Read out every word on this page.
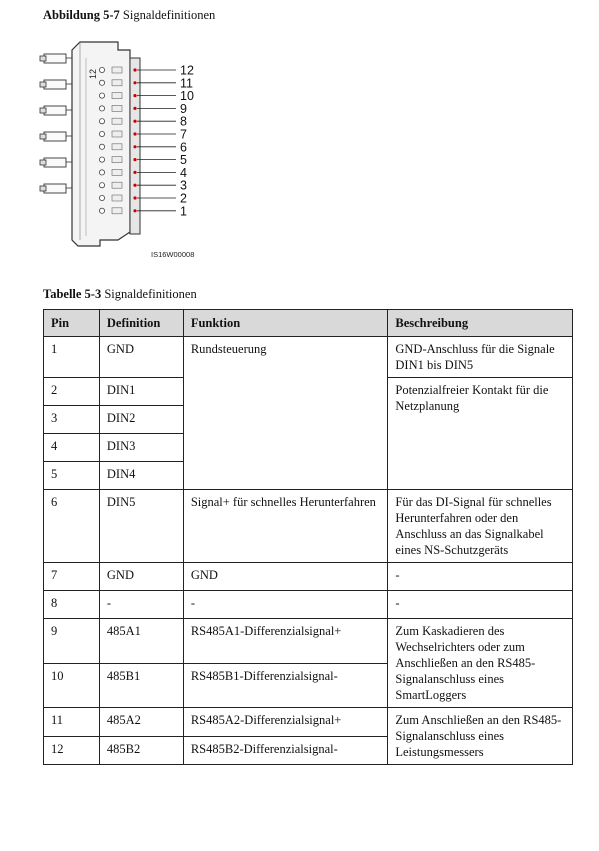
Abbildung 5-7 Signaldefinitionen
12
11
10
9
8
7
6
5
4
3
2
1
12
IS16W00008
Tabelle 5-3 Signaldefinitionen
Pin	Definition	Funktion	Beschreibung
1	GND	Rundsteuerung	GND-Anschluss für die Signale DIN1 bis DIN5
2	DIN1		Potenzialfreier Kontakt für die Netzplanung
3	DIN2		
4	DIN3		
5	DIN4		
6	DIN5	Signal+ für schnelles Herunterfahren	Für das DI-Signal für schnelles Herunterfahren oder den Anschluss an das Signalkabel eines NS-Schutzgeräts
7	GND	GND	-
8	-	-	-
9	485A1	RS485A1-Differenzialsignal+	Zum Kaskadieren des Wechselrichters oder zum Anschließen an den RS485-Signalanschluss eines SmartLoggers
10	485B1	RS485B1-Differenzialsignal-	
11	485A2	RS485A2-Differenzialsignal+	Zum Anschließen an den RS485-Signalanschluss eines Leistungsmessers
12	485B2	RS485B2-Differenzialsignal-	
